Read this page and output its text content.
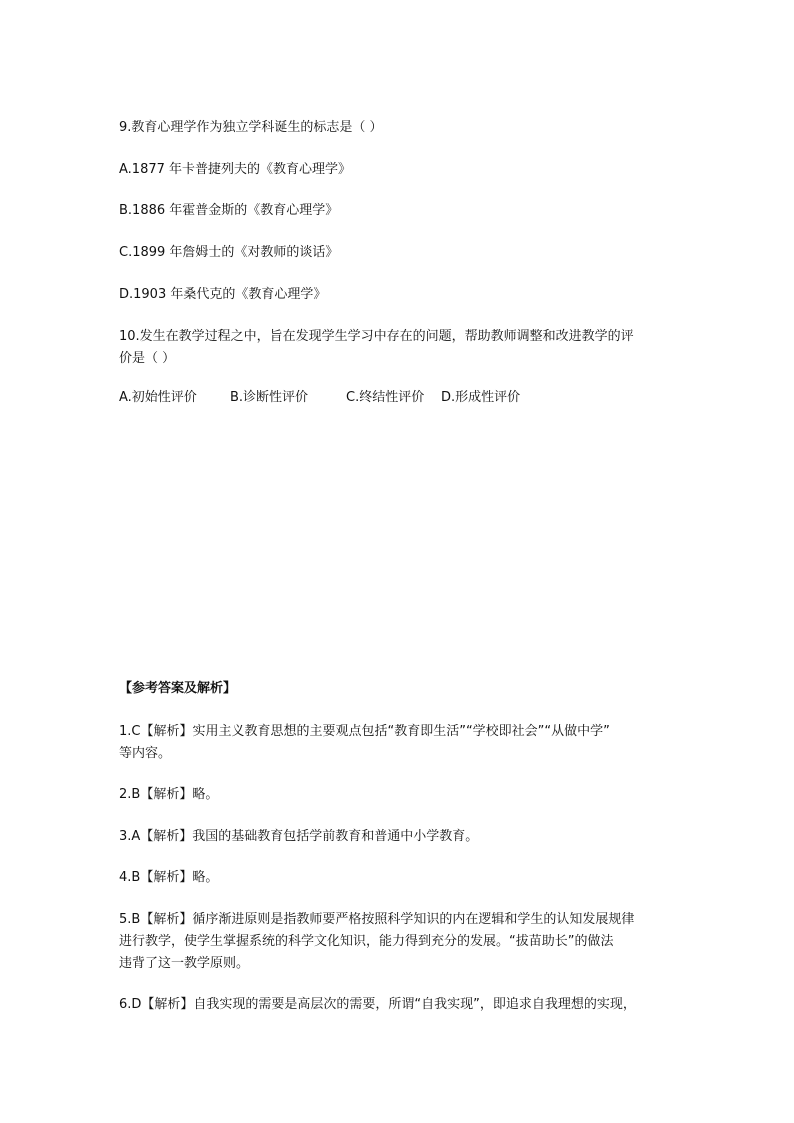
9.教育心理学作为独立学科诞生的标志是（ ）
A.1877 年卡普捷列夫的《教育心理学》
B.1886 年霍普金斯的《教育心理学》
C.1899 年詹姆士的《对教师的谈话》
D.1903 年桑代克的《教育心理学》
10.发生在教学过程之中，旨在发现学生学习中存在的问题，帮助教师调整和改进教学的评
价是（ ）
A.初始性评价	B.诊断性评价	C.终结性评价 D.形成性评价
【参考答案及解析】
1.C【解析】实用主义教育思想的主要观点包括“教育即生活”“学校即社会”“从做中学”
等内容。
2.B【解析】略。
3.A【解析】我国的基础教育包括学前教育和普通中小学教育。
4.B【解析】略。
5.B【解析】循序渐进原则是指教师要严格按照科学知识的内在逻辑和学生的认知发展规律
进行教学，使学生掌握系统的科学文化知识，能力得到充分的发展。“拔苗助长”的做法
违背了这一教学原则。
6.D【解析】自我实现的需要是高层次的需要，所谓“自我实现”，即追求自我理想的实现，
